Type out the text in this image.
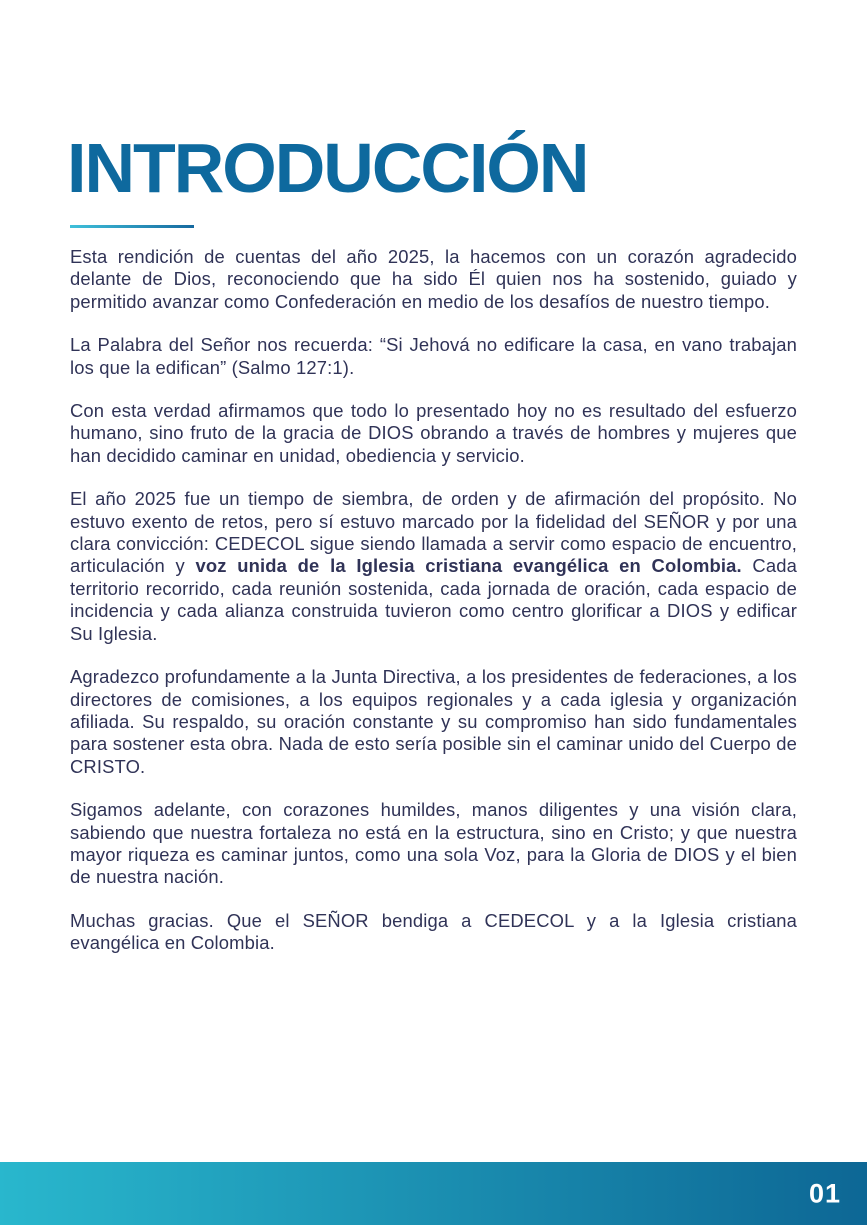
INTRODUCCIÓN

Esta rendición de cuentas del año 2025, la hacemos con un corazón agradecido delante de Dios, reconociendo que ha sido Él quien nos ha sostenido, guiado y permitido avanzar como Confederación en medio de los desafíos de nuestro tiempo.

La Palabra del Señor nos recuerda: “Si Jehová no edificare la casa, en vano trabajan los que la edifican” (Salmo 127:1).

Con esta verdad afirmamos que todo lo presentado hoy no es resultado del esfuerzo humano, sino fruto de la gracia de DIOS obrando a través de hombres y mujeres que han decidido caminar en unidad, obediencia y servicio.

El año 2025 fue un tiempo de siembra, de orden y de afirmación del propósito. No estuvo exento de retos, pero sí estuvo marcado por la fidelidad del SEÑOR y por una clara convicción: CEDECOL sigue siendo llamada a servir como espacio de encuentro, articulación y voz unida de la Iglesia cristiana evangélica en Colombia. Cada territorio recorrido, cada reunión sostenida, cada jornada de oración, cada espacio de incidencia y cada alianza construida tuvieron como centro glorificar a DIOS y edificar Su Iglesia.

Agradezco profundamente a la Junta Directiva, a los presidentes de federaciones, a los directores de comisiones, a los equipos regionales y a cada iglesia y organización afiliada. Su respaldo, su oración constante y su compromiso han sido fundamentales para sostener esta obra. Nada de esto sería posible sin el caminar unido del Cuerpo de CRISTO.

Sigamos adelante, con corazones humildes, manos diligentes y una visión clara, sabiendo que nuestra fortaleza no está en la estructura, sino en Cristo; y que nuestra mayor riqueza es caminar juntos, como una sola Voz, para la Gloria de DIOS y el bien de nuestra nación.

Muchas gracias. Que el SEÑOR bendiga a CEDECOL y a la Iglesia cristiana evangélica en Colombia.

01
